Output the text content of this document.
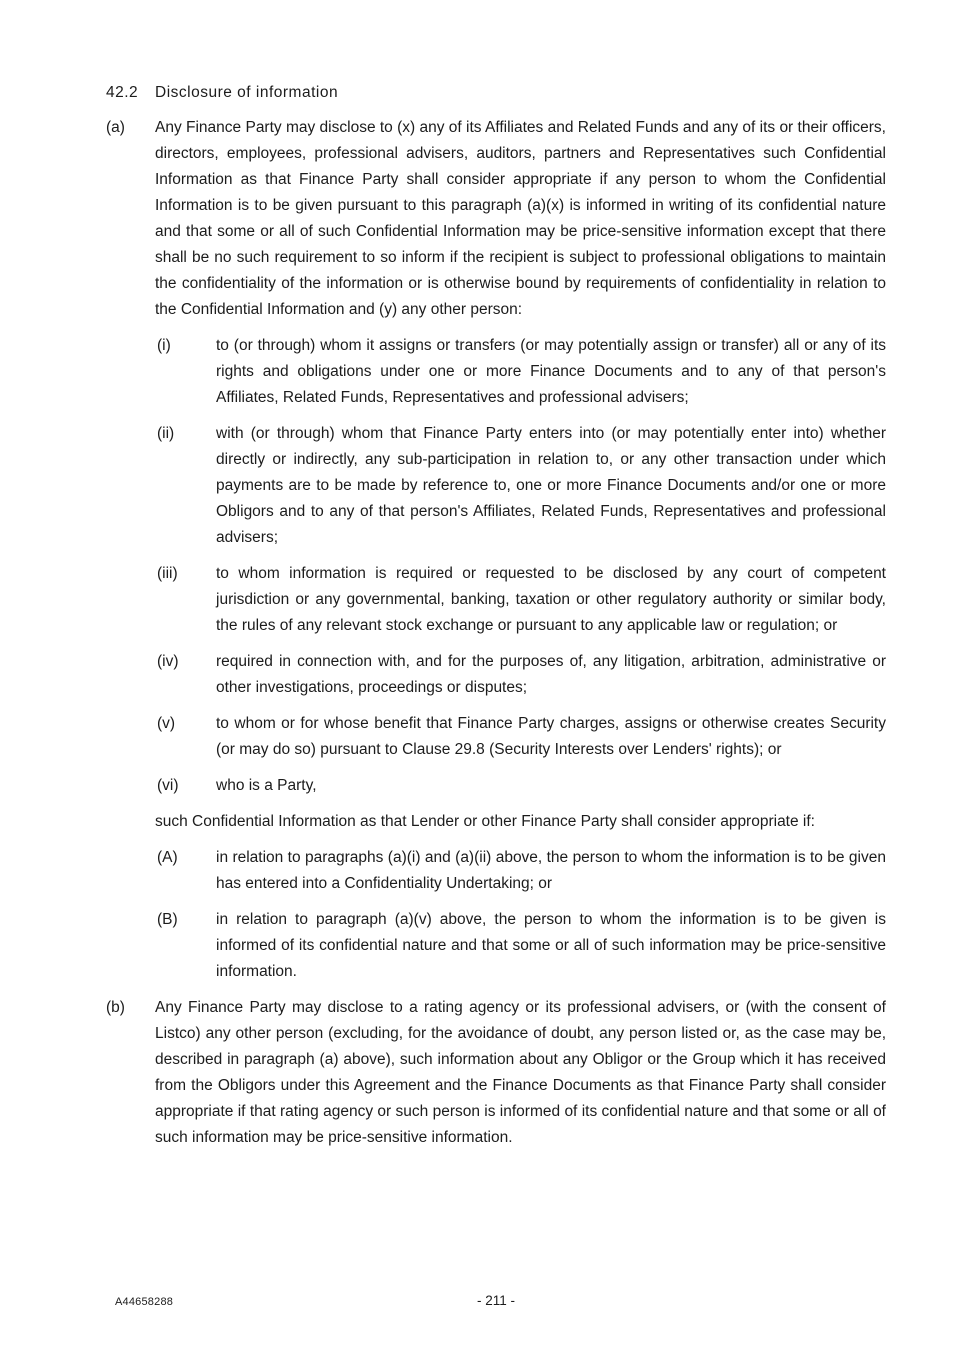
42.2	Disclosure of information
(a)	Any Finance Party may disclose to (x) any of its Affiliates and Related Funds and any of its or their officers, directors, employees, professional advisers, auditors, partners and Representatives such Confidential Information as that Finance Party shall consider appropriate if any person to whom the Confidential Information is to be given pursuant to this paragraph (a)(x) is informed in writing of its confidential nature and that some or all of such Confidential Information may be price-sensitive information except that there shall be no such requirement to so inform if the recipient is subject to professional obligations to maintain the confidentiality of the information or is otherwise bound by requirements of confidentiality in relation to the Confidential Information and (y) any other person:
(i)	to (or through) whom it assigns or transfers (or may potentially assign or transfer) all or any of its rights and obligations under one or more Finance Documents and to any of that person's Affiliates, Related Funds, Representatives and professional advisers;
(ii)	with (or through) whom that Finance Party enters into (or may potentially enter into) whether directly or indirectly, any sub-participation in relation to, or any other transaction under which payments are to be made by reference to, one or more Finance Documents and/or one or more Obligors and to any of that person's Affiliates, Related Funds, Representatives and professional advisers;
(iii)	to whom information is required or requested to be disclosed by any court of competent jurisdiction or any governmental, banking, taxation or other regulatory authority or similar body, the rules of any relevant stock exchange or pursuant to any applicable law or regulation; or
(iv)	required in connection with, and for the purposes of, any litigation, arbitration, administrative or other investigations, proceedings or disputes;
(v)	to whom or for whose benefit that Finance Party charges, assigns or otherwise creates Security (or may do so) pursuant to Clause 29.8 (Security Interests over Lenders' rights); or
(vi)	who is a Party,
such Confidential Information as that Lender or other Finance Party shall consider appropriate if:
(A)	in relation to paragraphs (a)(i) and (a)(ii) above, the person to whom the information is to be given has entered into a Confidentiality Undertaking; or
(B)	in relation to paragraph (a)(v) above, the person to whom the information is to be given is informed of its confidential nature and that some or all of such information may be price-sensitive information.
(b)	Any Finance Party may disclose to a rating agency or its professional advisers, or (with the consent of Listco) any other person (excluding, for the avoidance of doubt, any person listed or, as the case may be, described in paragraph (a) above), such information about any Obligor or the Group which it has received from the Obligors under this Agreement and the Finance Documents as that Finance Party shall consider appropriate if that rating agency or such person is informed of its confidential nature and that some or all of such information may be price-sensitive information.
A44658288	- 211 -
